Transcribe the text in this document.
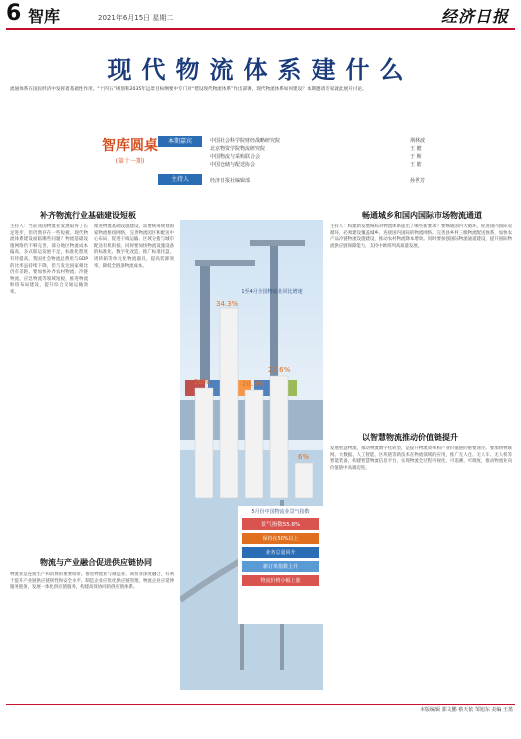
6 智库	2021年6月15日 星期二	经济日报
现代物流体系建什么
流通体系在国民经济中发挥着基础性作用。“十四五”规划和2035年远景目标纲要中专门对“建设现代物流体系”作出部署。现代物流体系如何建设？本期邀请专家就此展开讨论。
智库圆桌
(第十一期)
本期嘉宾	中国社会科学院财经战略研究院	荆林波
北京物资学院物流研究院	王 健
中国物流与采购联合会	于 斯
中国仓储与配送协会	王 皓
主持人	经济日报社编辑部	孙世芳
补齐物流行业基础建设短板	畅通城乡和国内国际市场物流通道
物流与产业融合促进供应链协同
以智慧物流推动价值链提升
主持人：当前我国物流业发展取得了长足进步，但仍然存在一些短板。现代物流体系建设面临哪些问题？物流基础设施网络仍不够完善，部分地区物流成本偏高，多式联运发展不足，标准化程度有待提高。我国社会物流总费用与GDP的比率虽持续下降，但与发达国家相比仍有差距。要加快补齐农村物流、冷链物流、应急物流等领域短板，推进物流枢纽布局建设，提升综合交通运输效率。
推进物流基础设施建设，需要统筹规划国家物流枢纽网络，完善物流园区和配送中心布局，促进干线运输、区域分拨与城市配送有机衔接。同时要加快物流设施设备的标准化、数字化改造，推广标准托盘、周转箱等单元化物流器具，提高装卸效率，降低全链条物流成本。
物流业是连接生产和消费的重要纽带。推进物流业与制造业、商贸业深度融合，有利于提升产业链供应链韧性和安全水平。制造企业应优化供应链管理，物流企业应延伸服务链条，发展一体化供应链服务，构建高效协同的供应链体系。
主持人：构建新发展格局对物流体系提出了哪些新要求？要畅通国内大循环，促进国内国际双循环，必须建设覆盖城乡、连接国内国际的物流网络。完善县乡村三级物流配送体系，加快农产品冷链物流设施建设，推动农村物流降本增效。同时要加强国际物流通道建设，提升国际物流供应链保障能力，支持中欧班列高质量发展。
发展智慧物流，推动物流数字化转型，是提升物流效率和产业价值链的重要途径。要加快物联网、大数据、人工智能、区块链等新技术在物流领域的应用，推广无人仓、无人车、无人机等智能装备，构建智慧物流信息平台，实现物流全过程可视化、可追溯、可调度，推动物流业向价值链中高端迈进。
1至4月全国物流业同比增速
20%
34.3%
20.3%
22.6%
6%
5月份中国物流业景气指数
景气指数55.8%
保持在50%以上
业务总量回升
新订单指数上升
物流价格小幅上涨
本版编辑 郭文鹏 蔡天依 邹旭东 美编 王墨
